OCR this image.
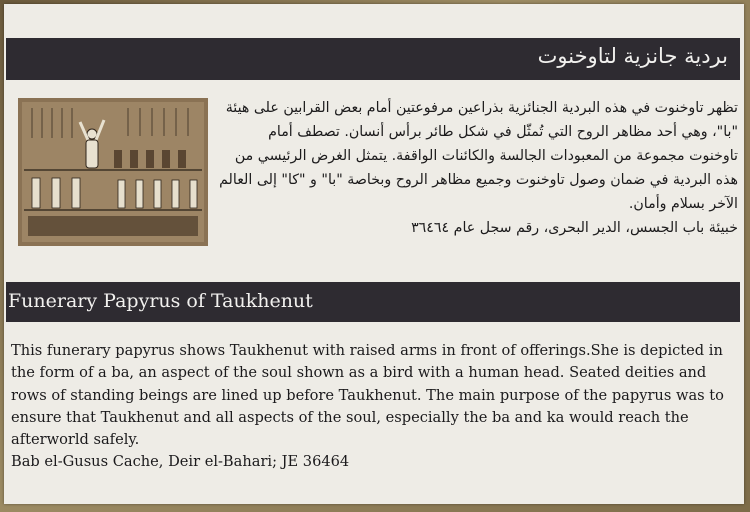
بردية جانزية لتاوخنوت

تظهر تاوخنوت في هذه البردية الجنائزية بذراعين مرفوعتين أمام بعض القرابين على هيئة "با"، وهي أحد مظاهر الروح التي تُمثّل في شكل طائر برأس أنسان. تصطف أمام تاوخنوت مجموعة من المعبودات الجالسة والكائنات الواقفة. يتمثل الغرض الرئيسي من هذه البردية في ضمان وصول تاوخنوت وجميع مظاهر الروح وبخاصة "با" و "كا" إلى العالم الآخر بسلام وأمان.

خبيئة باب الجسس، الدير البحرى، رقم سجل عام ٣٦٤٦٤

Funerary Papyrus of Taukhenut

This funerary papyrus shows Taukhenut with raised arms in front of offerings.She is depicted in the form of a ba, an aspect of the soul shown as a bird with a human head. Seated deities and rows of standing beings are lined up before Taukhenut. The main purpose of the papyrus was to ensure that Taukhenut and all aspects of the soul, especially the ba and ka would reach the afterworld safely.

Bab el-Gusus Cache, Deir el-Bahari; JE 36464
